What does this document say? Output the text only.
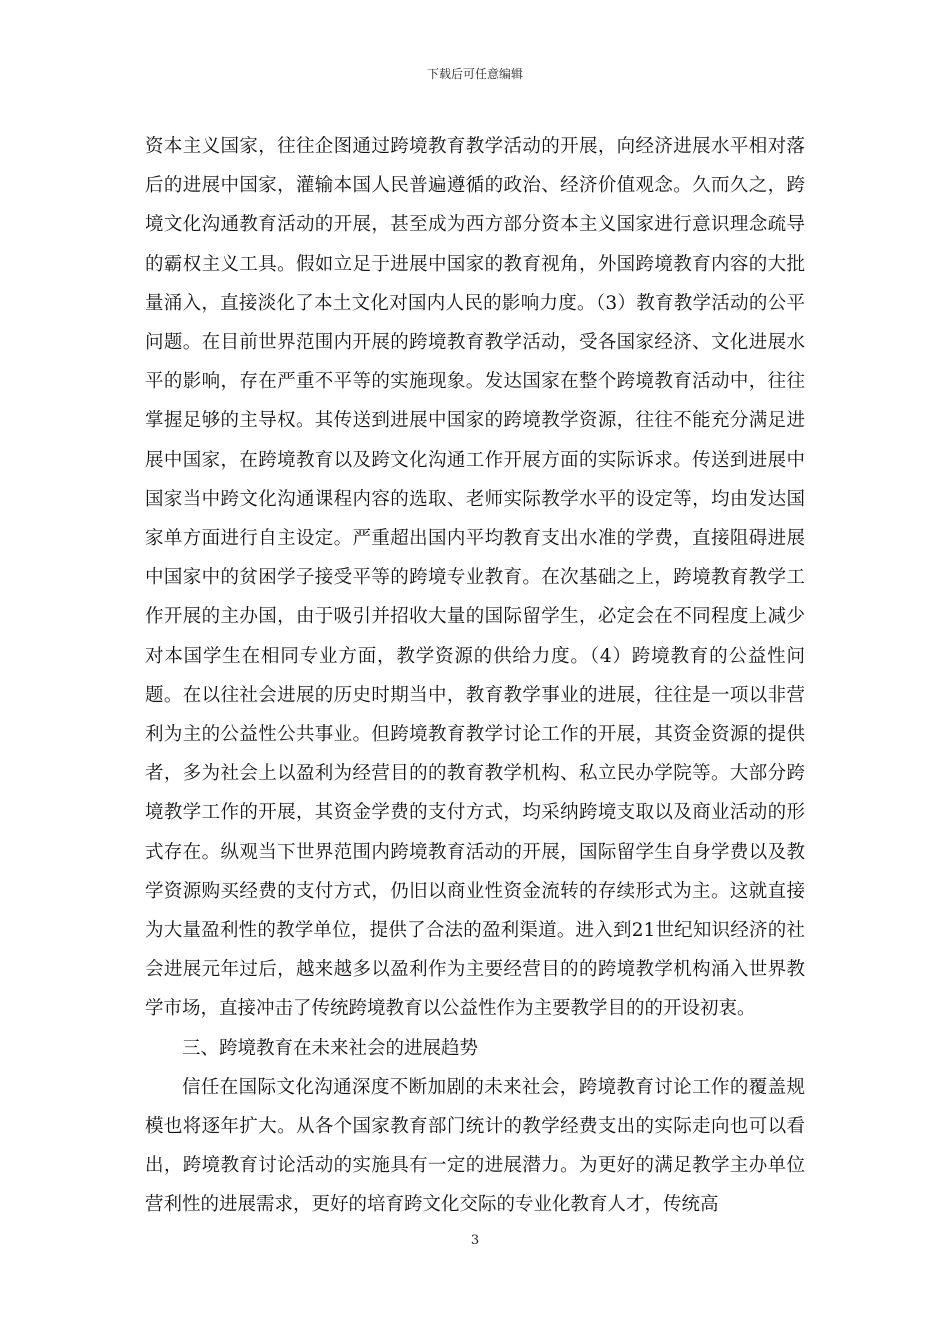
下载后可任意编辑

资本主义国家，往往企图通过跨境教育教学活动的开展，向经济进展水平相对落后的进展中国家，灌输本国人民普遍遵循的政治、经济价值观念。久而久之，跨境文化沟通教育活动的开展，甚至成为西方部分资本主义国家进行意识理念疏导的霸权主义工具。假如立足于进展中国家的教育视角，外国跨境教育内容的大批量涌入，直接淡化了本土文化对国内人民的影响力度。（3）教育教学活动的公平问题。在目前世界范围内开展的跨境教育教学活动，受各国家经济、文化进展水平的影响，存在严重不平等的实施现象。发达国家在整个跨境教育活动中，往往掌握足够的主导权。其传送到进展中国家的跨境教学资源，往往不能充分满足进展中国家，在跨境教育以及跨文化沟通工作开展方面的实际诉求。传送到进展中国家当中跨文化沟通课程内容的选取、老师实际教学水平的设定等，均由发达国家单方面进行自主设定。严重超出国内平均教育支出水准的学费，直接阻碍进展中国家中的贫困学子接受平等的跨境专业教育。在次基础之上，跨境教育教学工作开展的主办国，由于吸引并招收大量的国际留学生，必定会在不同程度上减少对本国学生在相同专业方面，教学资源的供给力度。（4）跨境教育的公益性问题。在以往社会进展的历史时期当中，教育教学事业的进展，往往是一项以非营利为主的公益性公共事业。但跨境教育教学讨论工作的开展，其资金资源的提供者，多为社会上以盈利为经营目的的教育教学机构、私立民办学院等。大部分跨境教学工作的开展，其资金学费的支付方式，均采纳跨境支取以及商业活动的形式存在。纵观当下世界范围内跨境教育活动的开展，国际留学生自身学费以及教学资源购买经费的支付方式，仍旧以商业性资金流转的存续形式为主。这就直接为大量盈利性的教学单位，提供了合法的盈利渠道。进入到21世纪知识经济的社会进展元年过后，越来越多以盈利作为主要经营目的的跨境教学机构涌入世界教学市场，直接冲击了传统跨境教育以公益性作为主要教学目的的开设初衷。

三、跨境教育在未来社会的进展趋势

信任在国际文化沟通深度不断加剧的未来社会，跨境教育讨论工作的覆盖规模也将逐年扩大。从各个国家教育部门统计的教学经费支出的实际走向也可以看出，跨境教育讨论活动的实施具有一定的进展潜力。为更好的满足教学主办单位营利性的进展需求，更好的培育跨文化交际的专业化教育人才，传统高

3
